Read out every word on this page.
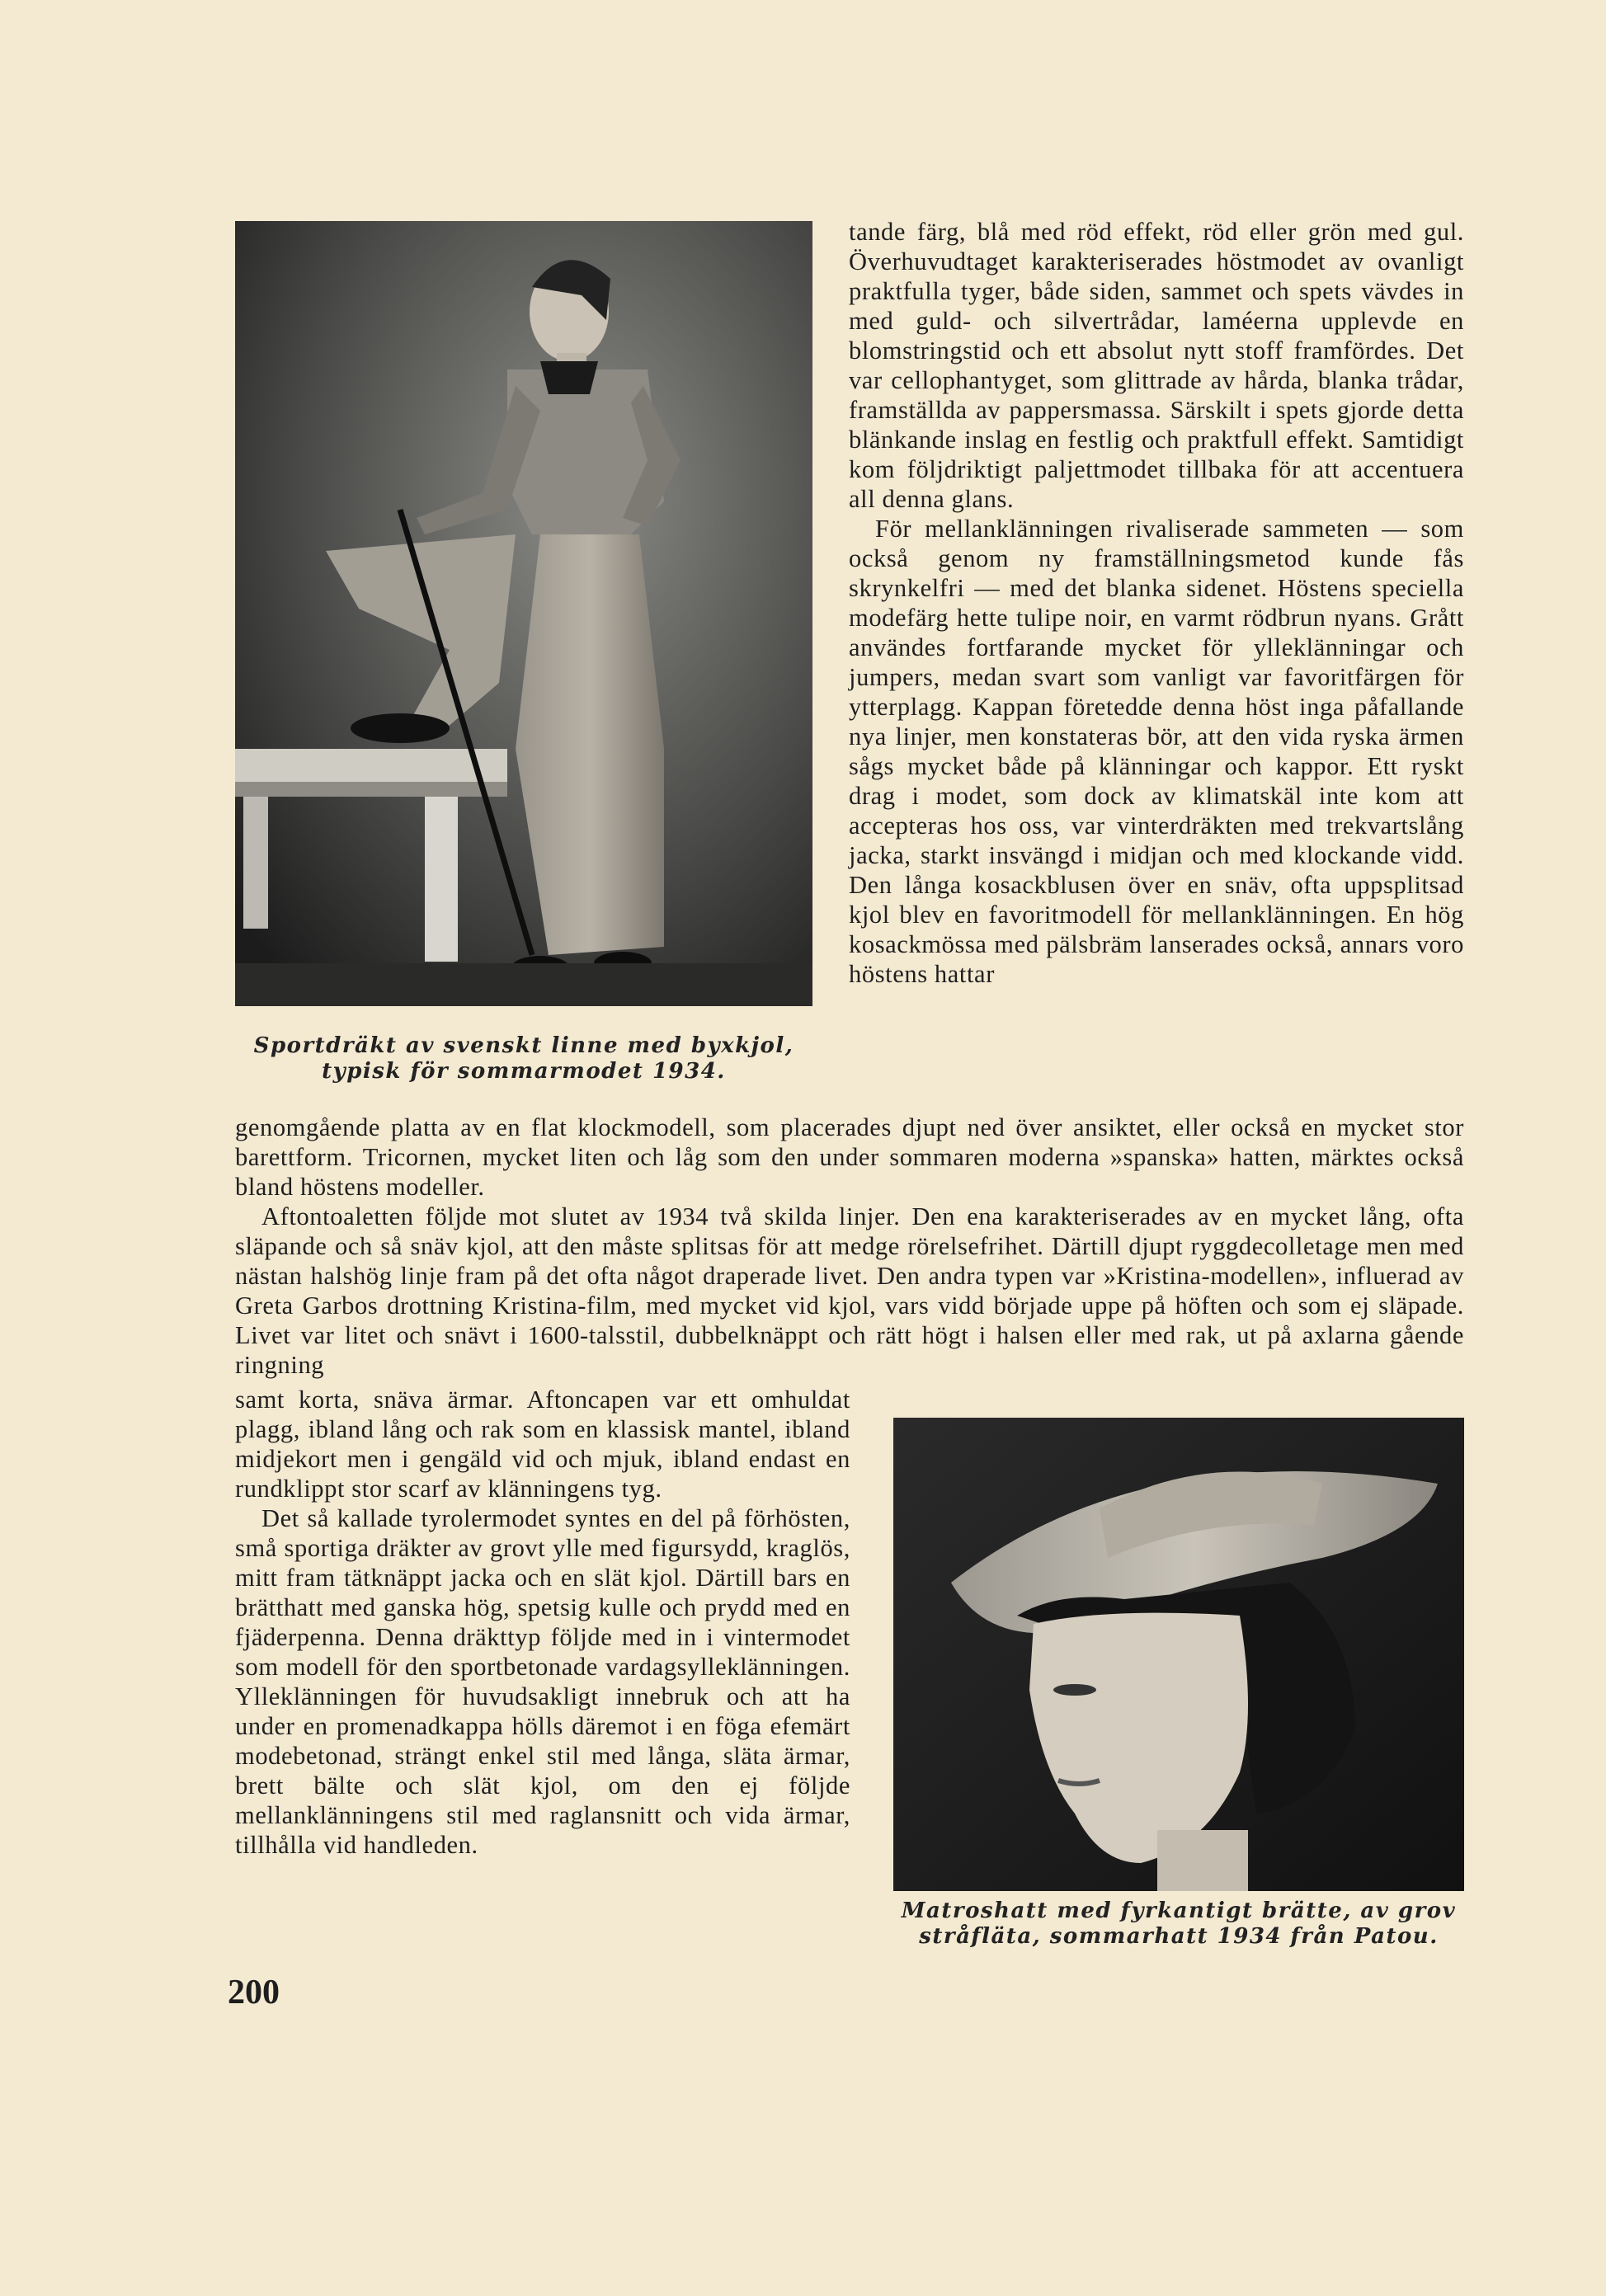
Sportdräkt av svenskt linne med byxkjol,
typisk för sommarmodet 1934.

tande färg, blå med röd effekt, röd eller grön med gul. Överhuvudtaget karakteriserades höstmodet av ovanligt praktfulla tyger, både siden, sammet och spets vävdes in med guld- och silvertrådar, laméerna upplevde en blomstringstid och ett absolut nytt stoff framfördes. Det var cellophantyget, som glittrade av hårda, blanka trådar, framställda av pappersmassa. Särskilt i spets gjorde detta blänkande inslag en festlig och praktfull effekt. Samtidigt kom följdriktigt paljettmodet tillbaka för att accentuera all denna glans.

För mellanklänningen rivaliserade sammeten — som också genom ny framställningsmetod kunde fås skrynkelfri — med det blanka sidenet. Höstens speciella modefärg hette tulipe noir, en varmt rödbrun nyans. Grått användes fortfarande mycket för ylleklänningar och jumpers, medan svart som vanligt var favoritfärgen för ytterplagg. Kappan företedde denna höst inga påfallande nya linjer, men konstateras bör, att den vida ryska ärmen sågs mycket både på klänningar och kappor. Ett ryskt drag i modet, som dock av klimatskäl inte kom att accepteras hos oss, var vinterdräkten med trekvartslång jacka, starkt insvängd i midjan och med klockande vidd. Den långa kosackblusen över en snäv, ofta uppsplitsad kjol blev en favoritmodell för mellanklänningen. En hög kosackmössa med pälsbräm lanserades också, annars voro höstens hattar

genomgående platta av en flat klockmodell, som placerades djupt ned över ansiktet, eller också en mycket stor barettform. Tricornen, mycket liten och låg som den under sommaren moderna »spanska» hatten, märktes också bland höstens modeller.

Aftontoaletten följde mot slutet av 1934 två skilda linjer. Den ena karakteriserades av en mycket lång, ofta släpande och så snäv kjol, att den måste splitsas för att medge rörelsefrihet. Därtill djupt ryggdecolletage men med nästan halshög linje fram på det ofta något draperade livet. Den andra typen var »Kristina-modellen», influerad av Greta Garbos drottning Kristina-film, med mycket vid kjol, vars vidd började uppe på höften och som ej släpade. Livet var litet och snävt i 1600-talsstil, dubbelknäppt och rätt högt i halsen eller med rak, ut på axlarna gående ringning

samt korta, snäva ärmar. Aftoncapen var ett omhuldat plagg, ibland lång och rak som en klassisk mantel, ibland midjekort men i gengäld vid och mjuk, ibland endast en rundklippt stor scarf av klänningens tyg.

Det så kallade tyrolermodet syntes en del på förhösten, små sportiga dräkter av grovt ylle med figursydd, kraglös, mitt fram tätknäppt jacka och en slät kjol. Därtill bars en brätthatt med ganska hög, spetsig kulle och prydd med en fjäderpenna. Denna dräkttyp följde med in i vintermodet som modell för den sportbetonade vardagsylleklänningen. Ylleklänningen för huvudsakligt innebruk och att ha under en promenadkappa hölls däremot i en föga efemärt modebetonad, strängt enkel stil med långa, släta ärmar, brett bälte och slät kjol, om den ej följde mellanklänningens stil med raglansnitt och vida ärmar, tillhålla vid handleden.

Matroshatt med fyrkantigt brätte, av grov
stråfläta, sommarhatt 1934 från Patou.
200
